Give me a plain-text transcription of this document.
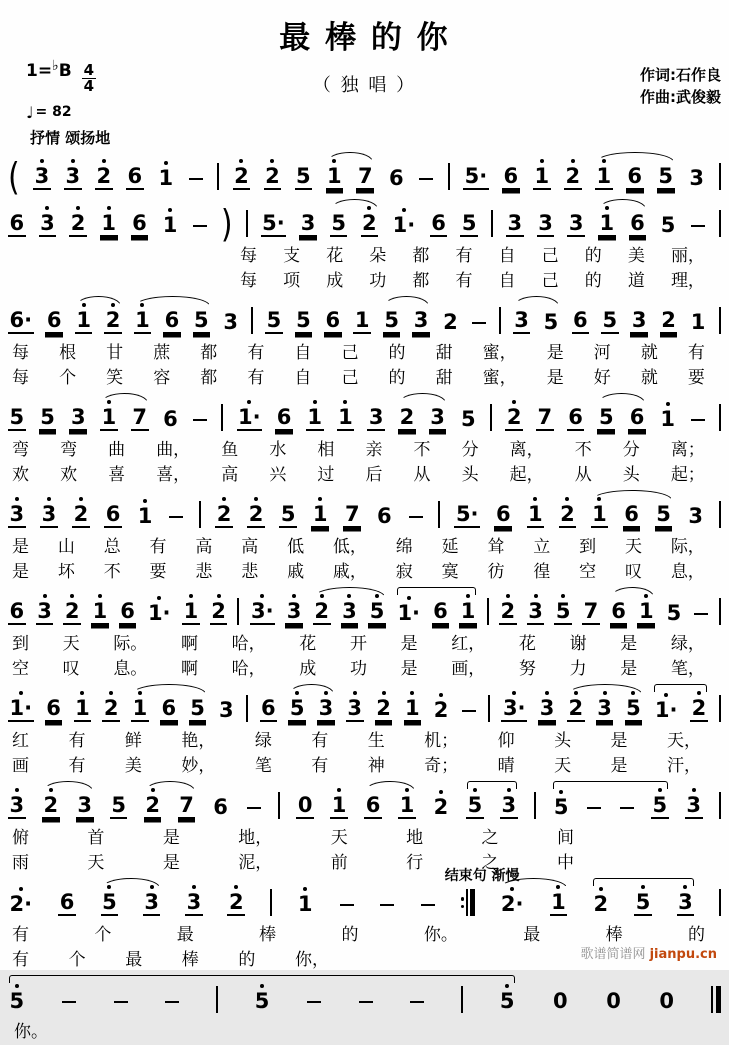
最 棒 的 你
1= ♭ B 4
4
♩ = 82
（ 独 唱 ）	作词:石作良
作曲:武俊毅
抒情 颂扬地
( 3 3 2 6 1	2 2 5 1 7 6	5· 6 1 2 1 6 5 3
6 3 2 1 6 1 ) 5· 3 5 2 1· 6 5 3 3 3 1 6 5
每 支 花 朵 都 有 自 己 的 美 丽，
每 项 成 功 都 有 自 己 的 道 理，
6· 6 1 2 1 6 5 3 5 5 6 1 5 3 2	3 5 6 5 3 2 1
每 根 甘 蔗 都 有 自 己 的 甜 蜜， 是 河 就 有
每 个 笑 容 都 有 自 己 的 甜 蜜， 是 好 就 要
5 5 3 1 7 6	1· 6 1 1 3 2 3 5 2 7 6 5 6 1
弯 弯 曲 曲， 鱼 水 相 亲 不 分 离， 不 分 离；
欢 欢 喜 喜， 高 兴 过 后 从 头 起， 从 头 起；
3 3 2 6 1	2 2 5 1 7 6	5· 6 1 2 1 6 5 3
是 山 总 有 高 高 低 低， 绵 延 耸 立 到 天 际，
是 坏 不 要 悲 悲 戚 戚， 寂 寞 彷 徨 空 叹 息，
6 3 2 1 6 1· 1 2 3· 3 2 3 5 1· 6 1 2 3 5 7 6 1 5
到 天 际。 啊 哈， 花 开 是 红， 花 谢 是 绿，
空 叹 息。 啊 哈， 成 功 是 画， 努 力 是 笔，
1· 6 1 2 1 6 5 3 6 5 3 3 2 1 2	3· 3 2 3 5 1· 2
红 有 鲜 艳， 绿 有 生 机； 仰 头 是 天，
画 有 美 妙， 笔 有 神 奇； 晴 天 是 汗，
3 2 3 5 2 7 6	0 1 6 1 2 5 3 5	5 3
俯	首	是	地，	天	地	之	间
雨	天	是	泥，	前	行	之	中
2· 6 5 3 3 2	1	2· 1 2 5 3
结束句 渐慢
有	个	最	棒	的	你。	最	棒	的
有 个 最 棒 的 你，
5	5	5 0 0 0
你。
歌谱简谱网 jianpu.cn
